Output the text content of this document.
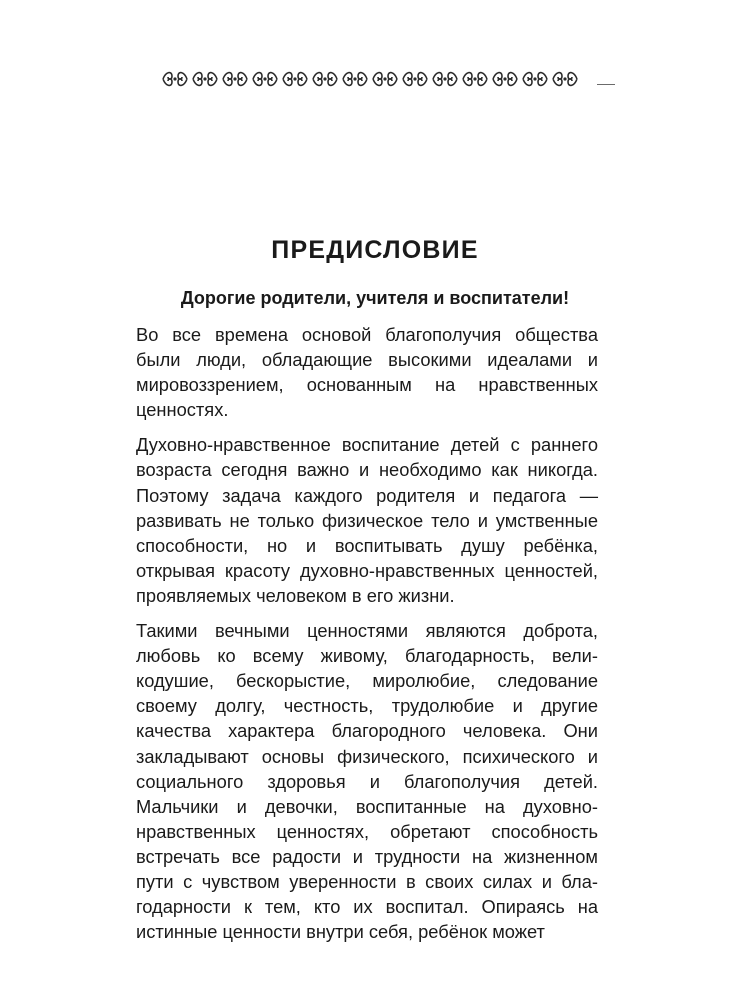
ПРЕДИСЛОВИЕ

Дорогие родители, учителя и воспитатели!

Во все времена основой благополучия общества были люди, обладающие высокими идеалами и мировоззрением, основанным на нравственных ценностях.

Духовно-нравственное воспитание детей с раннего возраста сегодня важно и необходимо как никогда. Поэтому задача каждого родителя и педагога — развивать не только физическое тело и умственные способности, но и воспитывать душу ребёнка, открывая красоту духовно-нравственных ценностей, проявляемых человеком в его жизни.

Такими вечными ценностями являются доброта, любовь ко всему живому, благодарность, великодушие, бескорыстие, миролюбие, следование своему долгу, честность, трудолюбие и другие качества характера благородного человека. Они закладывают основы физического, психического и социального здоровья и благополучия детей. Мальчики и девочки, воспитанные на духовно-нравственных ценностях, обретают способность встречать все радости и трудности на жизненном пути с чувством уверенности в своих силах и благодарности к тем, кто их воспитал. Опираясь на истинные ценности внутри себя, ребёнок может
